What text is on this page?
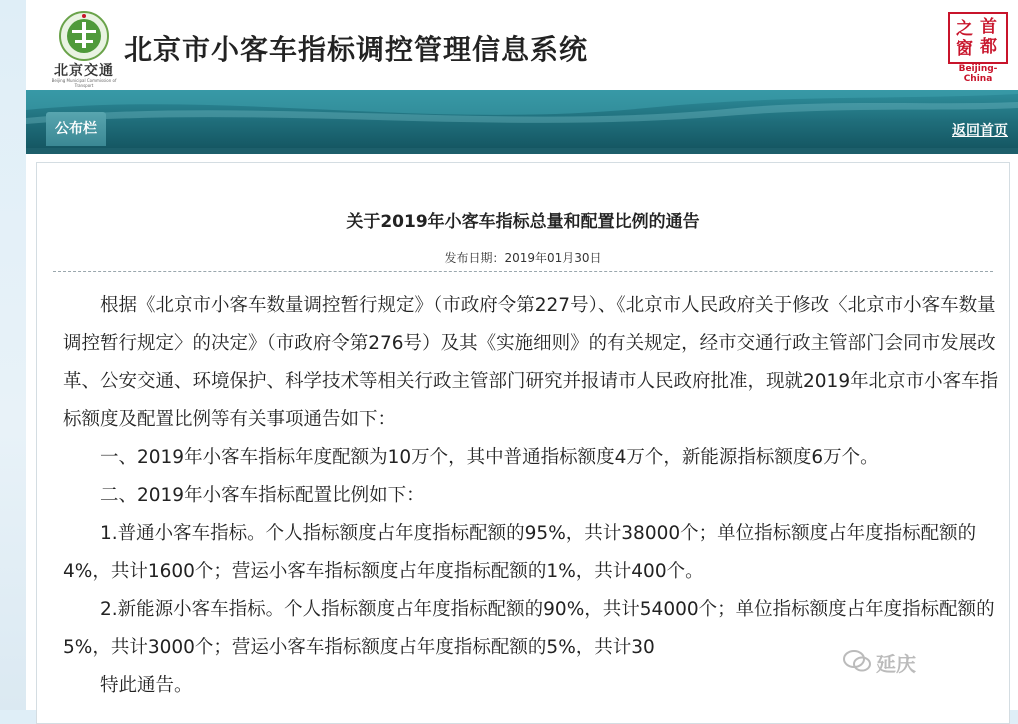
北京交通
Beijing Municipal Commission of Transport
北京市小客车指标调控管理信息系统
首
之
窗 都
Beijing-China
公布栏	返回首页
关于2019年小客车指标总量和配置比例的通告
发布日期：2019年01月30日

根据《北京市小客车数量调控暂行规定》（市政府令第227号）、《北京市人民政府关于修改〈北京市小客车数量调控暂行规定〉的决定》（市政府令第276号）及其《实施细则》的有关规定，经市交通行政主管部门会同市发展改革、公安交通、环境保护、科学技术等相关行政主管部门研究并报请市人民政府批准，现就2019年北京市小客车指标额度及配置比例等有关事项通告如下：

一、2019年小客车指标年度配额为10万个，其中普通指标额度4万个，新能源指标额度6万个。

二、2019年小客车指标配置比例如下：

1.普通小客车指标。个人指标额度占年度指标配额的95%，共计38000个；单位指标额度占年度指标配额的4%，共计1600个；营运小客车指标额度占年度指标配额的1%，共计400个。

2.新能源小客车指标。个人指标额度占年度指标配额的90%，共计54000个；单位指标额度占年度指标配额的5%，共计3000个；营运小客车指标额度占年度指标配额的5%，共计30

特此通告。

延庆
